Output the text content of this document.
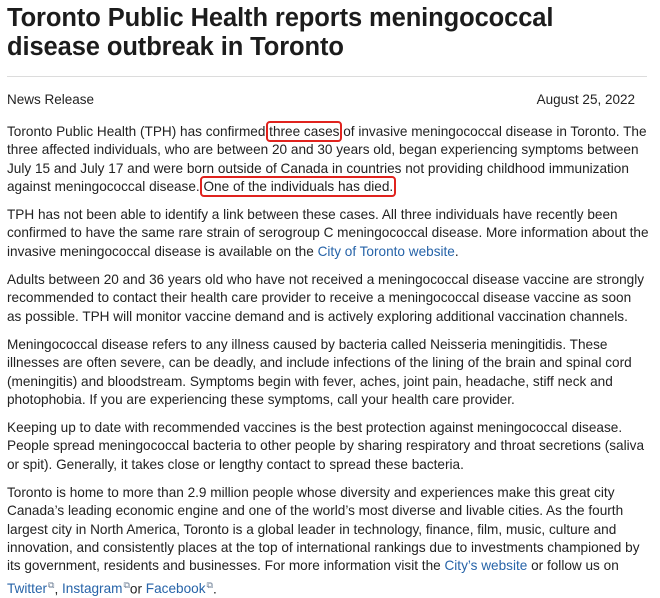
Toronto Public Health reports meningococcal disease outbreak in Toronto
News Release	August 25, 2022

Toronto Public Health (TPH) has confirmed three cases of invasive meningococcal disease in Toronto. The three affected individuals, who are between 20 and 30 years old, began experiencing symptoms between July 15 and July 17 and were born outside of Canada in countries not providing childhood immunization against meningococcal disease. One of the individuals has died.

TPH has not been able to identify a link between these cases. All three individuals have recently been confirmed to have the same rare strain of serogroup C meningococcal disease. More information about the invasive meningococcal disease is available on the City of Toronto website.

Adults between 20 and 36 years old who have not received a meningococcal disease vaccine are strongly recommended to contact their health care provider to receive a meningococcal disease vaccine as soon as possible. TPH will monitor vaccine demand and is actively exploring additional vaccination channels.

Meningococcal disease refers to any illness caused by bacteria called Neisseria meningitidis. These illnesses are often severe, can be deadly, and include infections of the lining of the brain and spinal cord (meningitis) and bloodstream. Symptoms begin with fever, aches, joint pain, headache, stiff neck and photophobia. If you are experiencing these symptoms, call your health care provider.

Keeping up to date with recommended vaccines is the best protection against meningococcal disease. People spread meningococcal bacteria to other people by sharing respiratory and throat secretions (saliva or spit). Generally, it takes close or lengthy contact to spread these bacteria.

Toronto is home to more than 2.9 million people whose diversity and experiences make this great city Canada’s leading economic engine and one of the world’s most diverse and livable cities. As the fourth largest city in North America, Toronto is a global leader in technology, finance, film, music, culture and innovation, and consistently places at the top of international rankings due to investments championed by its government, residents and businesses. For more information visit the City’s website or follow us on Twitter⧉, Instagram⧉or Facebook⧉.
